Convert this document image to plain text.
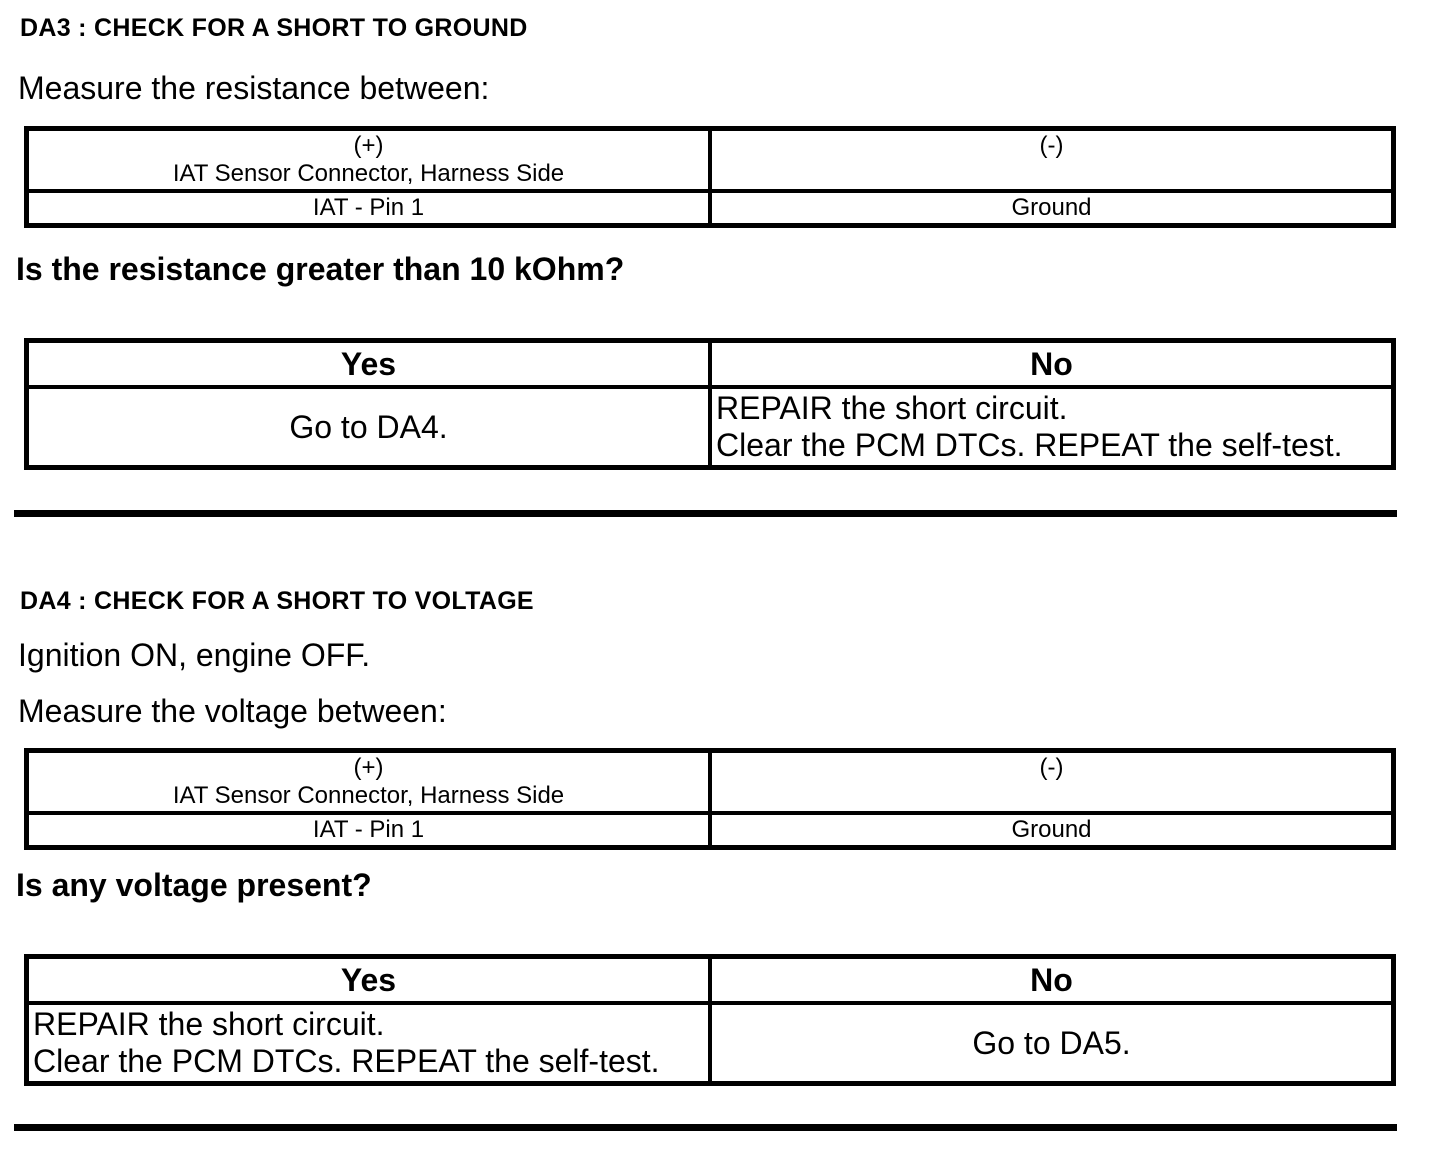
DA3 : CHECK FOR A SHORT TO GROUND

Measure the resistance between:

(+)
IAT Sensor Connector, Harness Side	(-)

IAT - Pin 1	Ground

Is the resistance greater than 10 kOhm?

Yes	No

Go to DA4.	REPAIR the short circuit.
Clear the PCM DTCs. REPEAT the self-test.
DA4 : CHECK FOR A SHORT TO VOLTAGE

Ignition ON, engine OFF.

Measure the voltage between:

(+)
IAT Sensor Connector, Harness Side	(-)

IAT - Pin 1	Ground

Is any voltage present?

Yes	No

REPAIR the short circuit.
Clear the PCM DTCs. REPEAT the self-test.	Go to DA5.
